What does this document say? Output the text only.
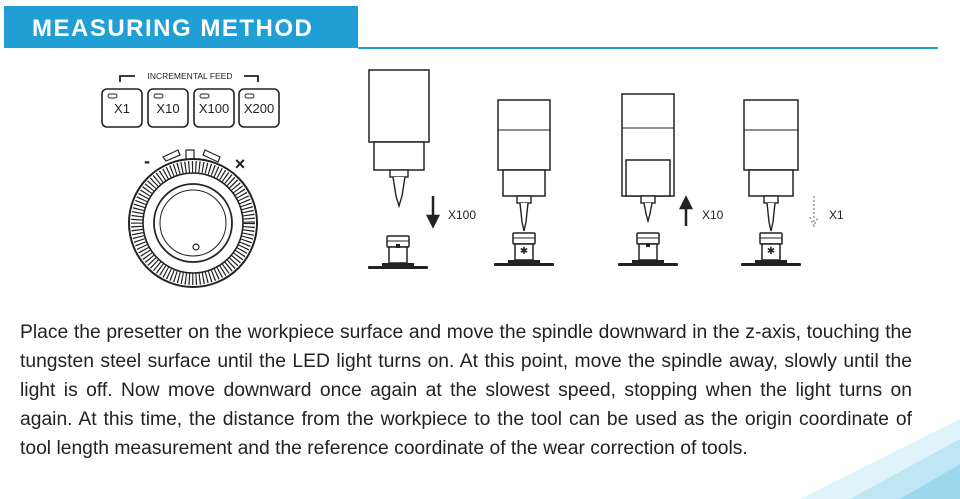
MEASURING METHOD
INCREMENTAL FEED
X1 X10 X100 X200
-	×
X100
✱
X10
✱
X1
Place the presetter on the workpiece surface and move the spindle downward in the z-axis, touching the tungsten steel surface until the LED light turns on. At this point, move the spindle away, slowly until the light is off. Now move downward once again at the slowest speed, stopping when the light turns on again. At this time, the distance from the workpiece to the tool can be used as the origin coordinate of tool length measurement and the reference coordinate of the wear correction of tools.
